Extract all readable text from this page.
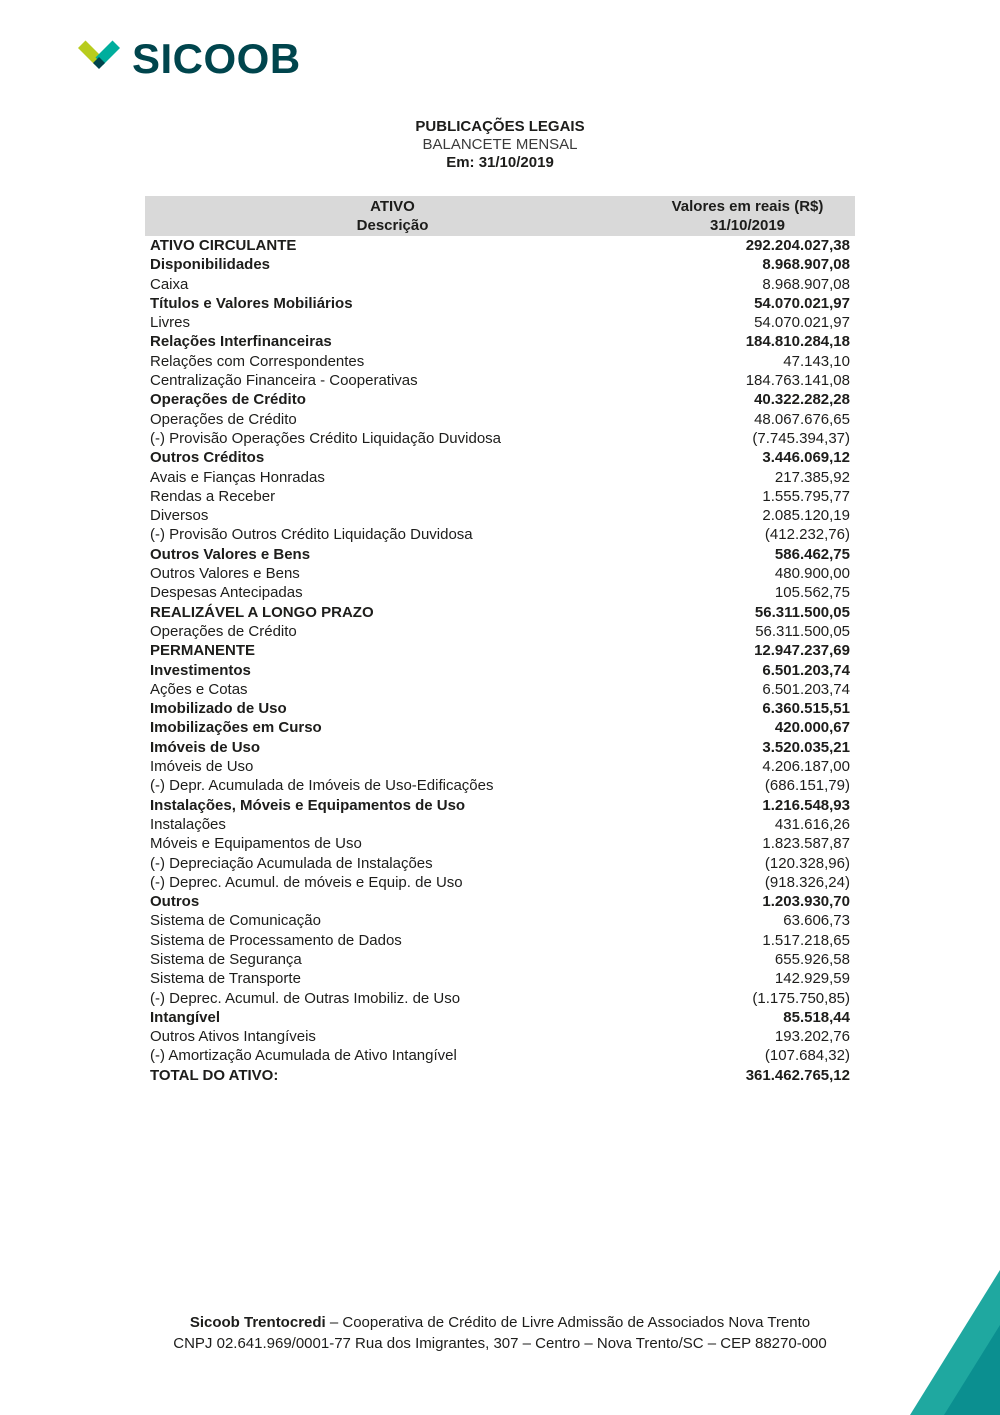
SICOOB
PUBLICAÇÕES LEGAIS
BALANCETE MENSAL
Em: 31/10/2019
ATIVO
Descrição
Valores em reais (R$)
31/10/2019
ATIVO CIRCULANTE	292.204.027,38
Disponibilidades	8.968.907,08
Caixa	8.968.907,08
Títulos e Valores Mobiliários	54.070.021,97
Livres	54.070.021,97
Relações Interfinanceiras	184.810.284,18
Relações com Correspondentes	47.143,10
Centralização Financeira - Cooperativas	184.763.141,08
Operações de Crédito	40.322.282,28
Operações de Crédito	48.067.676,65
(-) Provisão Operações Crédito Liquidação Duvidosa	(7.745.394,37)
Outros Créditos	3.446.069,12
Avais e Fianças Honradas	217.385,92
Rendas a Receber	1.555.795,77
Diversos	2.085.120,19
(-) Provisão Outros Crédito Liquidação Duvidosa	(412.232,76)
Outros Valores e Bens	586.462,75
Outros Valores e Bens	480.900,00
Despesas Antecipadas	105.562,75
REALIZÁVEL A LONGO PRAZO	56.311.500,05
Operações de Crédito	56.311.500,05
PERMANENTE	12.947.237,69
Investimentos	6.501.203,74
Ações e Cotas	6.501.203,74
Imobilizado de Uso	6.360.515,51
Imobilizações em Curso	420.000,67
Imóveis de Uso	3.520.035,21
Imóveis de Uso	4.206.187,00
(-) Depr. Acumulada de Imóveis de Uso-Edificações	(686.151,79)
Instalações, Móveis e Equipamentos de Uso	1.216.548,93
Instalações	431.616,26
Móveis e Equipamentos de Uso	1.823.587,87
(-) Depreciação Acumulada de Instalações	(120.328,96)
(-) Deprec. Acumul. de móveis e Equip. de Uso	(918.326,24)
Outros	1.203.930,70
Sistema de Comunicação	63.606,73
Sistema de Processamento de Dados	1.517.218,65
Sistema de Segurança	655.926,58
Sistema de Transporte	142.929,59
(-) Deprec. Acumul. de Outras Imobiliz. de Uso	(1.175.750,85)
Intangível	85.518,44
Outros Ativos Intangíveis	193.202,76
(-) Amortização Acumulada de Ativo Intangível	(107.684,32)
TOTAL DO ATIVO:	361.462.765,12
Sicoob Trentocredi – Cooperativa de Crédito de Livre Admissão de Associados Nova Trento
CNPJ 02.641.969/0001-77 Rua dos Imigrantes, 307 – Centro – Nova Trento/SC – CEP 88270-000
